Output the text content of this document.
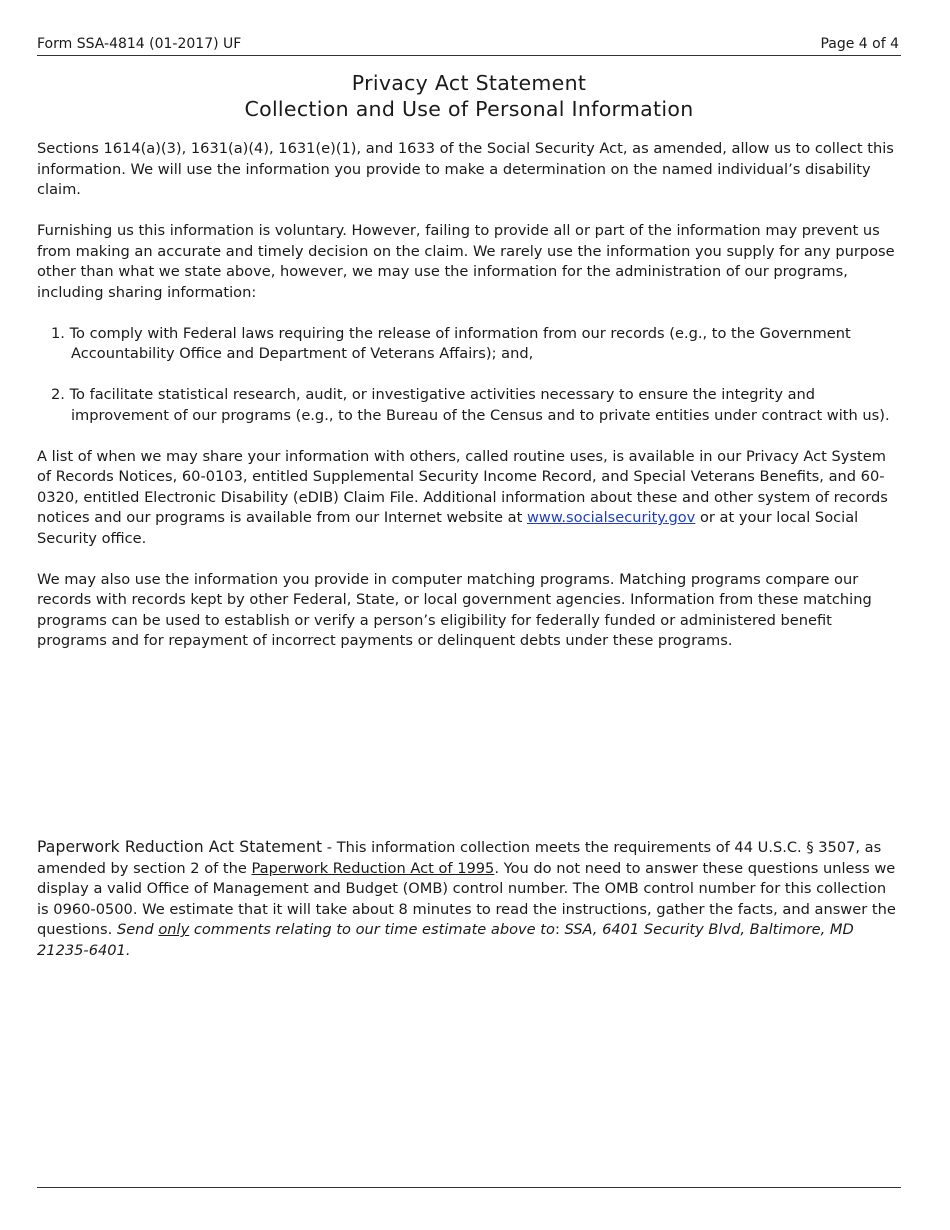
Form SSA-4814 (01-2017) UF	Page 4 of 4
Privacy Act Statement
Collection and Use of Personal Information

Sections 1614(a)(3), 1631(a)(4), 1631(e)(1), and 1633 of the Social Security Act, as amended, allow us to collect this information. We will use the information you provide to make a determination on the named individual’s disability claim.

Furnishing us this information is voluntary. However, failing to provide all or part of the information may prevent us from making an accurate and timely decision on the claim. We rarely use the information you supply for any purpose other than what we state above, however, we may use the information for the administration of our programs, including sharing information:

1. To comply with Federal laws requiring the release of information from our records (e.g., to the Government Accountability Office and Department of Veterans Affairs); and,
2. To facilitate statistical research, audit, or investigative activities necessary to ensure the integrity and improvement of our programs (e.g., to the Bureau of the Census and to private entities under contract with us).

A list of when we may share your information with others, called routine uses, is available in our Privacy Act System of Records Notices, 60-0103, entitled Supplemental Security Income Record, and Special Veterans Benefits, and 60-0320, entitled Electronic Disability (eDIB) Claim File. Additional information about these and other system of records notices and our programs is available from our Internet website at www.socialsecurity.gov or at your local Social Security office.

We may also use the information you provide in computer matching programs. Matching programs compare our records with records kept by other Federal, State, or local government agencies. Information from these matching programs can be used to establish or verify a person’s eligibility for federally funded or administered benefit programs and for repayment of incorrect payments or delinquent debts under these programs.

Paperwork Reduction Act Statement - This information collection meets the requirements of 44 U.S.C. § 3507, as amended by section 2 of the Paperwork Reduction Act of 1995. You do not need to answer these questions unless we display a valid Office of Management and Budget (OMB) control number. The OMB control number for this collection is 0960-0500. We estimate that it will take about 8 minutes to read the instructions, gather the facts, and answer the questions. Send only comments relating to our time estimate above to: SSA, 6401 Security Blvd, Baltimore, MD 21235-6401.
